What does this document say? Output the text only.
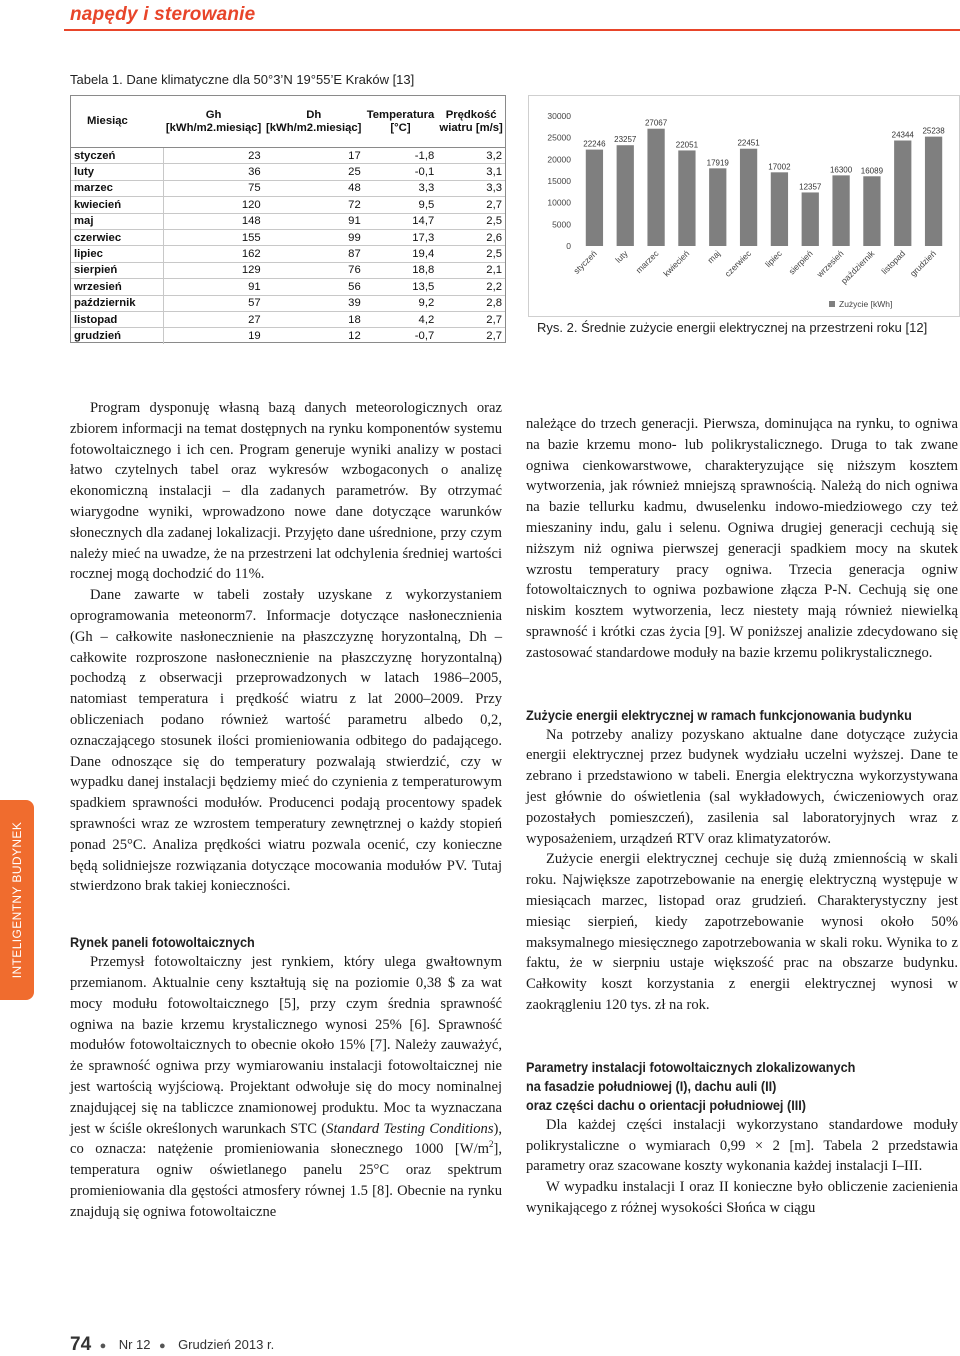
napędy i sterowanie
Tabela 1. Dane klimatyczne dla 50°3’N 19°55’E Kraków [13]
Miesiąc	Gh [kWh/m2.miesiąc]	Dh [kWh/m2.miesiąc]	Temperatura [°C]	Prędkość wiatru [m/s]
styczeń	23	17	-1,8	3,2
luty	36	25	-0,1	3,1
marzec	75	48	3,3	3,3
kwiecień	120	72	9,5	2,7
maj	148	91	14,7	2,5
czerwiec	155	99	17,3	2,6
lipiec	162	87	19,4	2,5
sierpień	129	76	18,8	2,1
wrzesień	91	56	13,5	2,2
październik	57	39	9,2	2,8
listopad	27	18	4,2	2,7
grudzień	19	12	-0,7	2,7
0
5000
10000
15000
20000
25000
30000
22246
styczeń
23257
luty
27067
marzec
22051
kwiecień
17919
maj
22451
czerwiec
17002
lipiec
12357
sierpień
16300
wrzesień
16089
październik
24344
listopad
25238
grudzień
Zużycie [kWh]
Rys. 2. Średnie zużycie energii elektrycznej na przestrzeni roku [12]
INTELIGENTNY BUDYNEK

Program dysponuję własną bazą danych meteorologicznych oraz zbiorem informacji na temat dostępnych na rynku komponentów systemu fotowoltaicznego i ich cen. Program generuje wyniki analizy w postaci łatwo czytelnych tabel oraz wykresów wzbogaconych o analizę ekonomiczną instalacji – dla zadanych parametrów. By otrzymać wiarygodne wyniki, wprowadzono nowe dane dotyczące warunków słonecznych dla zadanej lokalizacji. Przyjęto dane uśrednione, przy czym należy mieć na uwadze, że na przestrzeni lat odchylenia średniej wartości rocznej mogą dochodzić do 11%.

Dane zawarte w tabeli zostały uzyskane z wykorzystaniem oprogramowania meteonorm7. Informacje dotyczące nasłonecznienia (Gh – całkowite nasłonecznienie na płaszczyznę horyzontalną, Dh – całkowite rozproszone nasłonecznienie na płaszczyznę horyzontalną) pochodzą z obserwacji przeprowadzonych w latach 1986–2005, natomiast temperatura i prędkość wiatru z lat 2000–2009. Przy obliczeniach podano również wartość parametru albedo 0,2, oznaczającego stosunek ilości promieniowania odbitego do padającego. Dane odnoszące się do temperatury pozwalają stwierdzić, czy w wypadku danej instalacji będziemy mieć do czynienia z temperaturowym spadkiem sprawności modułów. Producenci podają procentowy spadek sprawności wraz ze wzrostem temperatury zewnętrznej o każdy stopień ponad 25°C. Analiza prędkości wiatru pozwala ocenić, czy konieczne będą solidniejsze rozwiązania dotyczące mocowania modułów PV. Tutaj stwierdzono brak takiej konieczności.

Rynek paneli fotowoltaicznych

Przemysł fotowoltaiczny jest rynkiem, który ulega gwałtownym przemianom. Aktualnie ceny kształtują się na poziomie 0,38 $ za wat mocy modułu fotowoltaicznego [5], przy czym średnia sprawność ogniwa na bazie krzemu krystalicznego wynosi 25% [6]. Sprawność modułów fotowoltaicznych to obecnie około 15% [7]. Należy zauważyć, że sprawność ogniwa przy wymiarowaniu instalacji fotowoltaicznej nie jest wartością wyjściową. Projektant odwołuje się do mocy nominalnej znajdującej się na tabliczce znamionowej produktu. Moc ta wyznaczana jest w ściśle określonych warunkach STC (Standard Testing Conditions), co oznacza: natężenie promieniowania słonecznego 1000 $[W/m^2]$, temperatura ogniw oświetlanego panelu 25°C oraz spektrum promieniowania dla gęstości atmosfery równej 1.5 [8]. Obecnie na rynku znajdują się ogniwa fotowoltaiczne

należące do trzech generacji. Pierwsza, dominująca na rynku, to ogniwa na bazie krzemu mono- lub polikrystalicznego. Druga to tak zwane ogniwa cienkowarstwowe, charakteryzujące się niższym kosztem wytworzenia, jak również mniejszą sprawnością. Należą do nich ogniwa na bazie tellurku kadmu, dwuselenku indowo-miedziowego czy też mieszaniny indu, galu i selenu. Ogniwa drugiej generacji cechują się niższym niż ogniwa pierwszej generacji spadkiem mocy na skutek wzrostu temperatury pracy ogniwa. Trzecia generacja ogniw fotowoltaicznych to ogniwa pozbawione złącza P-N. Cechują się one niskim kosztem wytworzenia, lecz niestety mają również niewielką sprawność i krótki czas życia [9]. W poniższej analizie zdecydowano się zastosować standardowe moduły na bazie krzemu polikrystalicznego.

Zużycie energii elektrycznej w ramach funkcjonowania budynku

Na potrzeby analizy pozyskano aktualne dane dotyczące zużycia energii elektrycznej przez budynek wydziału uczelni wyższej. Dane te zebrano i przedstawiono w tabeli. Energia elektryczna wykorzystywana jest głównie do oświetlenia (sal wykładowych, ćwiczeniowych oraz pozostałych pomieszczeń), zasilenia sal laboratoryjnych wraz z wyposażeniem, urządzeń RTV oraz klimatyzatorów.

Zużycie energii elektrycznej cechuje się dużą zmiennością w skali roku. Największe zapotrzebowanie na energię elektryczną występuje w miesiącach marzec, listopad oraz grudzień. Charakterystyczny jest miesiąc sierpień, kiedy zapotrzebowanie wynosi około 50% maksymalnego miesięcznego zapotrzebowania w skali roku. Wynika to z faktu, że w sierpniu ustaje większość prac na obszarze budynku. Całkowity koszt korzystania z energii elektrycznej wynosi w zaokrągleniu 120 tys. zł na rok.

Parametry instalacji fotowoltaicznych zlokalizowanych
na fasadzie południowej (I), dachu auli (II)
oraz części dachu o orientacji południowej (III)

Dla każdej części instalacji wykorzystano standardowe moduły polikrystaliczne o wymiarach 0,99 × 2 [m]. Tabela 2 przedstawia parametry oraz szacowane koszty wykonania każdej instalacji I–III.

W wypadku instalacji I oraz II konieczne było obliczenie zacienienia wynikającego z różnej wysokości Słońca w ciągu

74 ● Nr 12 ● Grudzień 2013 r.
